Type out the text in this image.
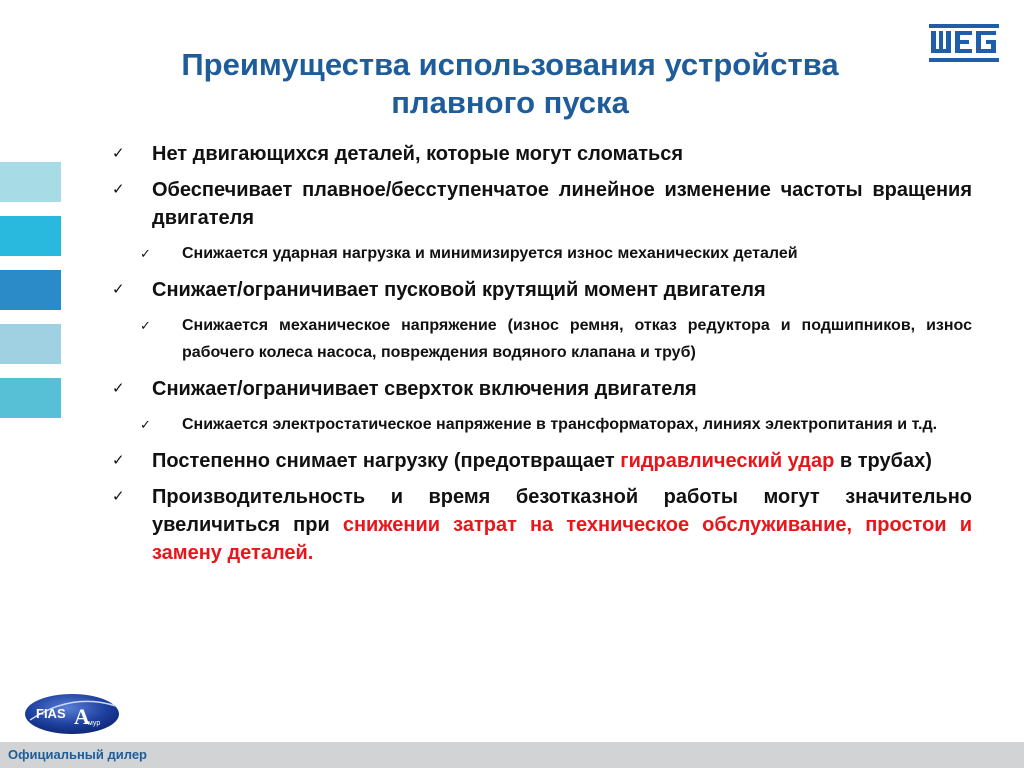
Преимущества использования устройства
плавного пуска
✓ Нет двигающихся деталей, которые могут сломаться
✓ Обеспечивает плавное/бесступенчатое линейное изменение частоты вращения двигателя
✓ Снижается ударная нагрузка и минимизируется износ механических деталей
✓ Снижает/ограничивает пусковой крутящий момент двигателя
✓ Снижается механическое напряжение (износ ремня, отказ редуктора и подшипников, износ рабочего колеса насоса, повреждения водяного клапана и труб)
✓ Снижает/ограничивает сверхток включения двигателя
✓ Снижается электростатическое напряжение в трансформаторах, линиях электропитания и т.д.
✓ Постепенно снимает нагрузку (предотвращает гидравлический удар в трубах)
✓ Производительность и время безотказной работы могут значительно увеличиться при снижении затрат на техническое обслуживание, простои и замену деталей.
FIAS A
мур
Официальный дилер
